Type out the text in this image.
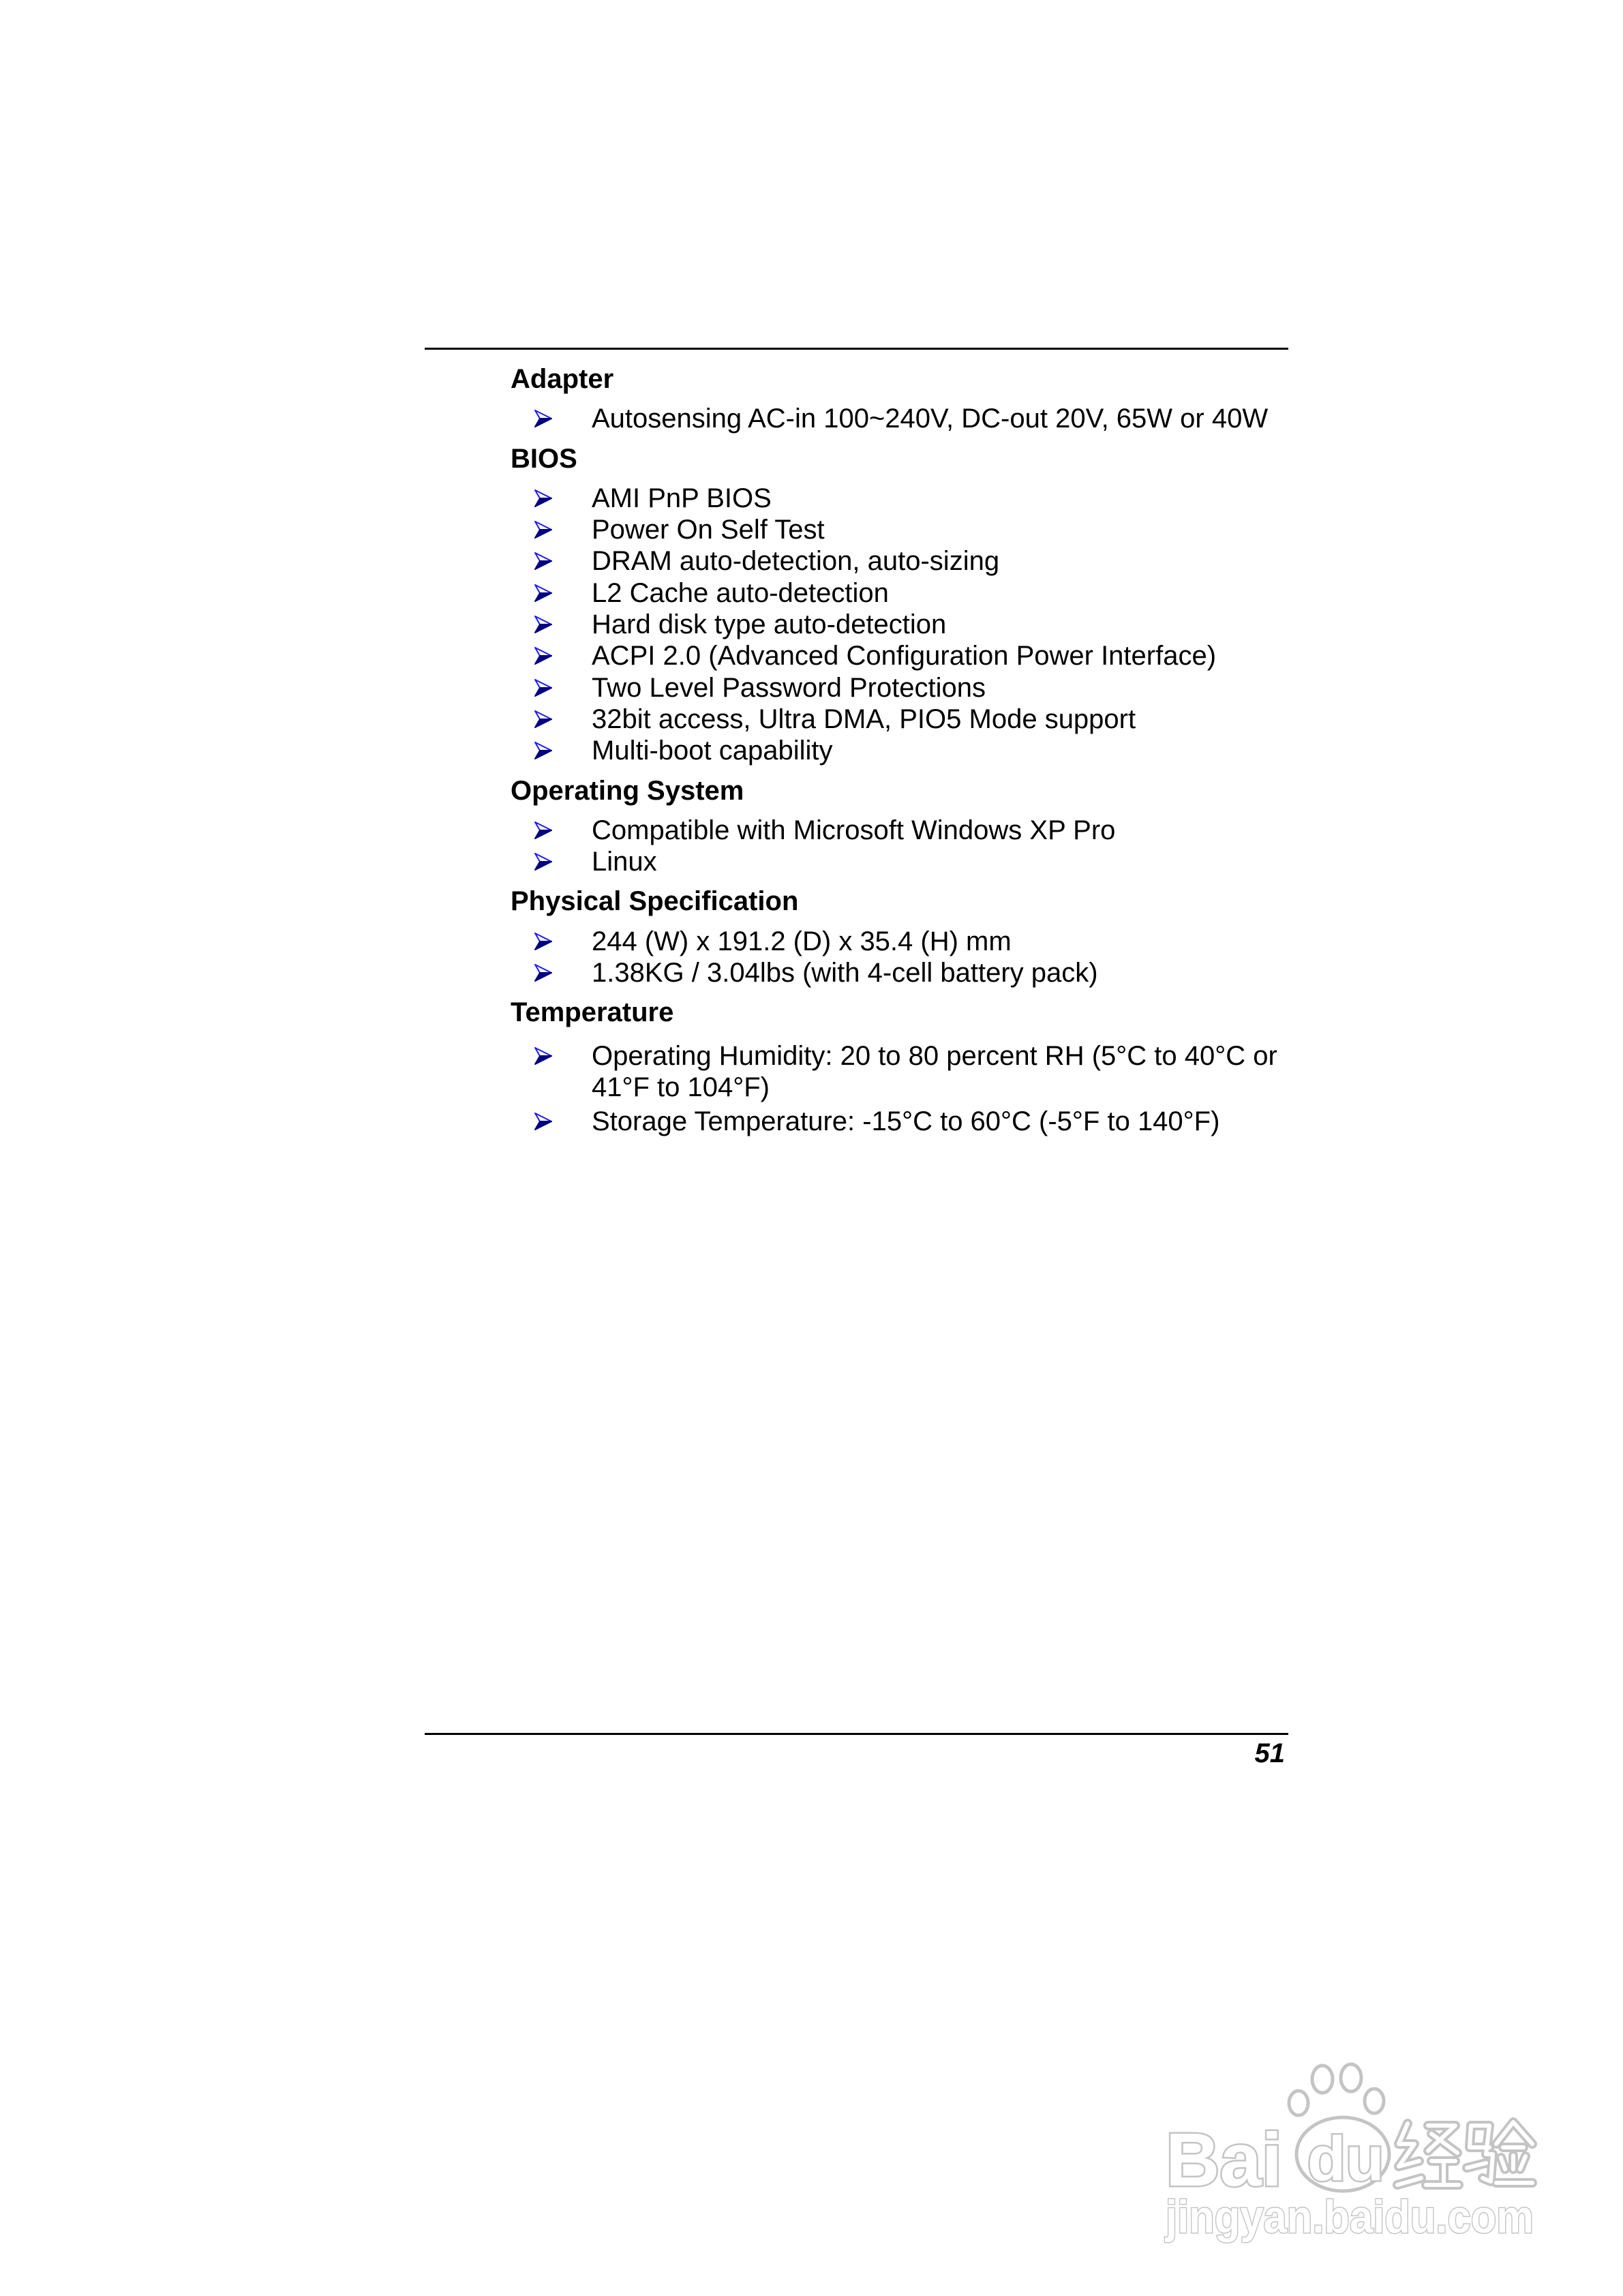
Adapter
Autosensing AC-in 100~240V, DC-out 20V, 65W or 40W
BIOS
AMI PnP BIOS
Power On Self Test
DRAM auto-detection, auto-sizing
L2 Cache auto-detection
Hard disk type auto-detection
ACPI 2.0 (Advanced Configuration Power Interface)
Two Level Password Protections
32bit access, Ultra DMA, PIO5 Mode support
Multi-boot capability
Operating System
Compatible with Microsoft Windows XP Pro
Linux
Physical Specification
244 (W) x 191.2 (D) x 35.4 (H) mm
1.38KG / 3.04lbs (with 4-cell battery pack)
Temperature
Operating Humidity: 20 to 80 percent RH (5°C to 40°C or 41°F to 104°F)
Storage Temperature: -15°C to 60°C (-5°F to 140°F)
51
Bai du
jingyan.baidu.com
